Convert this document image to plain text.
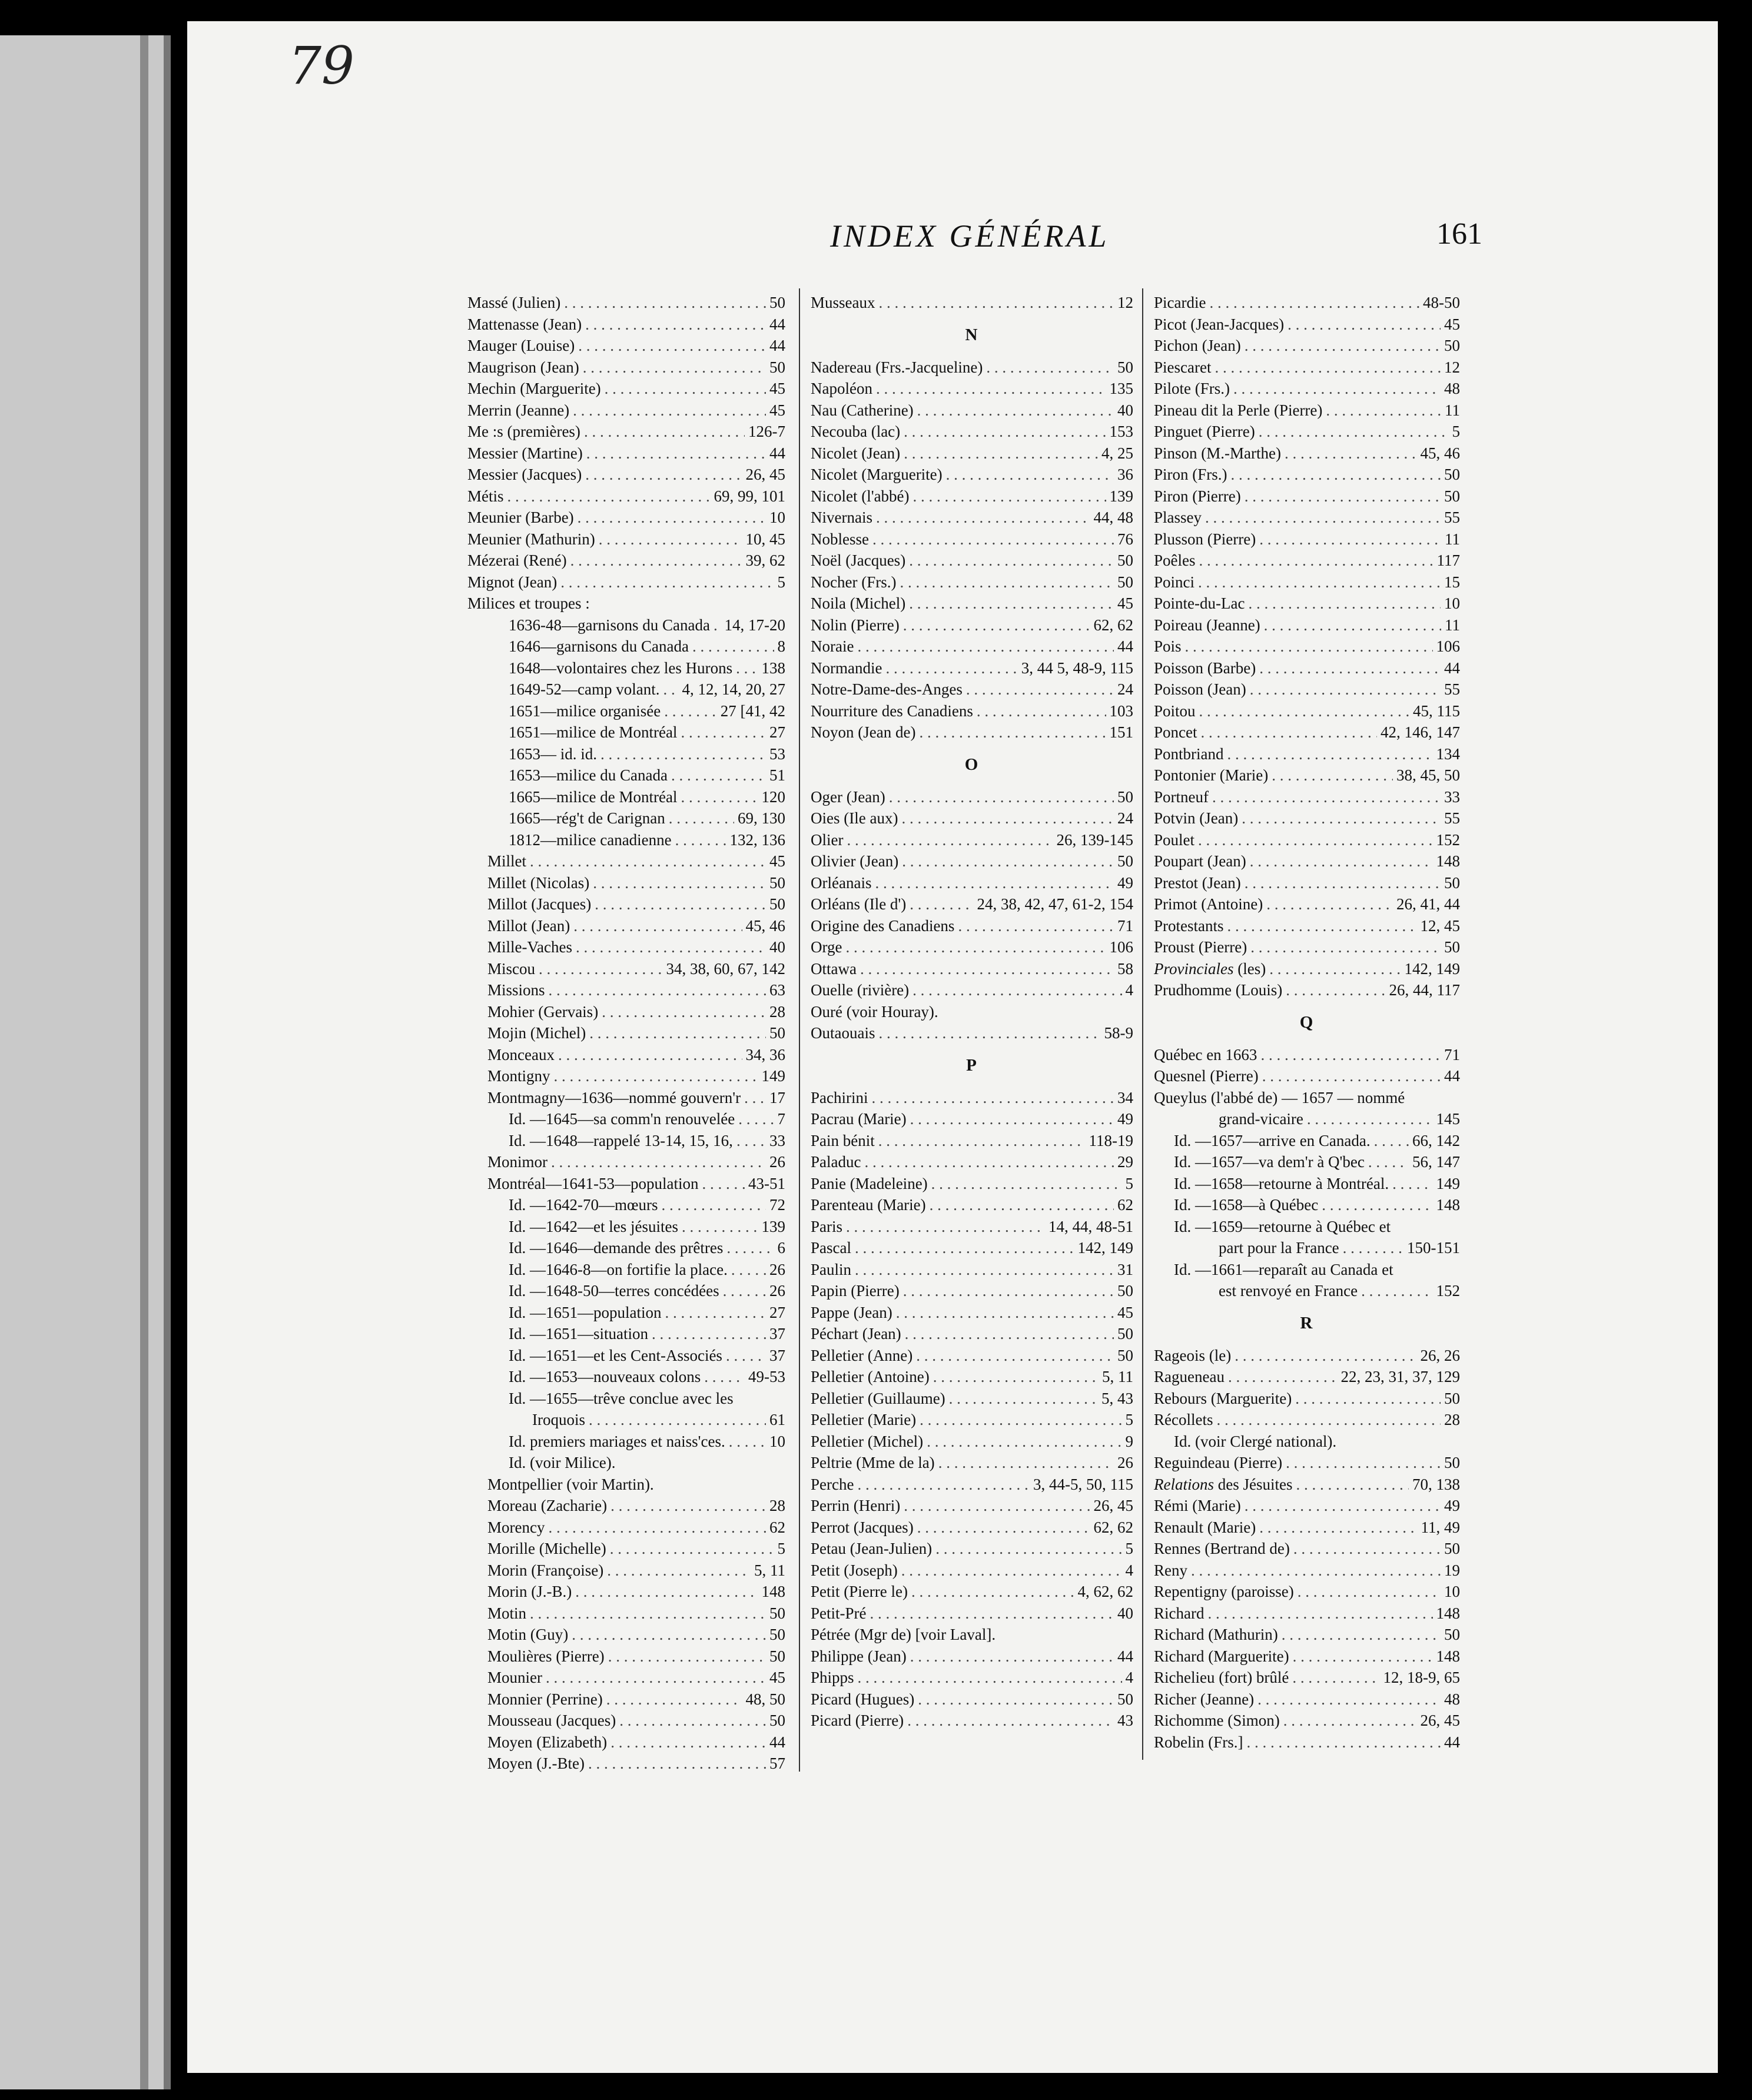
79
INDEX GÉNÉRAL	161
Massé (Julien) . . .	50
Mattenasse (Jean) . . .	44
Mauger (Louise) . . .	44
Maugrison (Jean) . . .	50
Mechin (Marguerite) . . .	45
Merrin (Jeanne) . . .	45
Me :s (premières) . . .	126-7
Messier (Martine) . . .	44
Messier (Jacques) . . .	26, 45
Métis . . .	69, 99, 101
Meunier (Barbe) . . .	10
Meunier (Mathurin) . . .	10, 45
Mézerai (René) . . .	39, 62
Mignot (Jean) . . .	5
Milices et troupes :
1636-48—garnisons du Canada . . . 14, 17-20
1646—garnisons du Canada . . .	8
1648—volontaires chez les Hurons . . . 138
1649-52—camp volant. . . . 4, 12, 14, 20, 27
1651—milice organisée . . .	27 [41, 42
1651—milice de Montréal . . .	27
1653— id. id. . . .	53
1653—milice du Canada . . .	51
1665—milice de Montréal . . .	120
1665—rég't de Carignan . . .	69, 130
1812—milice canadienne . . .	132, 136
Millet . . .	45
Millet (Nicolas) . . .	50
Millot (Jacques) . . .	50
Millot (Jean) . . .	45, 46
Mille-Vaches . . .	40
Miscou . . .	34, 38, 60, 67, 142
Missions . . .	63
Mohier (Gervais) . . .	28
Mojin (Michel) . . .	50
Monceaux . . .	34, 36
Montigny . . .	149
Montmagny—1636—nommé gouvern'r . . . 17
Id. —1645—sa comm'n renouvelée . . .	7
Id. —1648—rappelé 13-14, 15, 16, . . . 33
Monimor . . .	26
Montréal—1641-53—population . . .	43-51
Id. —1642-70—mœurs . . .	72
Id. —1642—et les jésuites . . .	139
Id. —1646—demande des prêtres . . .	6
Id. —1646-8—on fortifie la place. . . .	26
Id. —1648-50—terres concédées . . .	26
Id. —1651—population . . .	27
Id. —1651—situation . . .	37
Id. —1651—et les Cent-Associés . . .	37
Id. —1653—nouveaux colons . . .	49-53
Id. —1655—trêve conclue avec les
Iroquois . . .	61
Id. premiers mariages et naiss'ces. . . .	10
Id. (voir Milice).
Montpellier (voir Martin).
Moreau (Zacharie) . . .	28
Morency . . .	62
Morille (Michelle) . . .	5
Morin (Françoise) . . .	5, 11
Morin (J.-B.) . . .	148
Motin . . .	50
Motin (Guy) . . .	50
Moulières (Pierre) . . .	50
Mounier . . .	45
Monnier (Perrine) . . .	48, 50
Mousseau (Jacques) . . .	50
Moyen (Elizabeth) . . .	44
Moyen (J.-Bte) . . .	57
Musseaux . . .	12
N
Nadereau (Frs.-Jacqueline) . . .	50
Napoléon . . .	135
Nau (Catherine) . . .	40
Necouba (lac) . . .	153
Nicolet (Jean) . . .	4, 25
Nicolet (Marguerite) . . .	36
Nicolet (l'abbé) . . .	139
Nivernais . . .	44, 48
Noblesse . . .	76
Noël (Jacques) . . .	50
Nocher (Frs.) . . .	50
Noila (Michel) . . .	45
Nolin (Pierre) . . .	62, 62
Noraie . . .	44
Normandie . . .	3, 44 5, 48-9, 115
Notre-Dame-des-Anges . . .	24
Nourriture des Canadiens . . .	103
Noyon (Jean de) . . .	151
O
Oger (Jean) . . .	50
Oies (Ile aux) . . .	24
Olier . . .	26, 139-145
Olivier (Jean) . . .	50
Orléanais . . .	49
Orléans (Ile d') . . .	24, 38, 42, 47, 61-2, 154
Origine des Canadiens . . .	71
Orge . . .	106
Ottawa . . .	58
Ouelle (rivière) . . .	4
Ouré (voir Houray).
Outaouais . . .	58-9
P
Pachirini . . .	34
Pacrau (Marie) . . .	49
Pain bénit . . .	118-19
Paladuc . . .	29
Panie (Madeleine) . . .	5
Parenteau (Marie) . . .	62
Paris . . .	14, 44, 48-51
Pascal . . .	142, 149
Paulin . . .	31
Papin (Pierre) . . .	50
Pappe (Jean) . . .	45
Péchart (Jean) . . .	50
Pelletier (Anne) . . .	50
Pelletier (Antoine) . . .	5, 11
Pelletier (Guillaume) . . .	5, 43
Pelletier (Marie) . . .	5
Pelletier (Michel) . . .	9
Peltrie (Mme de la) . . .	26
Perche . . .	3, 44-5, 50, 115
Perrin (Henri) . . .	26, 45
Perrot (Jacques) . . .	62, 62
Petau (Jean-Julien) . . .	5
Petit (Joseph) . . .	4
Petit (Pierre le) . . .	4, 62, 62
Petit-Pré . . .	40
Pétrée (Mgr de) [voir Laval].
Philippe (Jean) . . .	44
Phipps . . .	4
Picard (Hugues) . . .	50
Picard (Pierre) . . .	43
Picardie . . .	48-50
Picot (Jean-Jacques) . . .	45
Pichon (Jean) . . .	50
Piescaret . . .	12
Pilote (Frs.) . . .	48
Pineau dit la Perle (Pierre) . . .	11
Pinguet (Pierre) . . .	5
Pinson (M.-Marthe) . . .	45, 46
Piron (Frs.) . . .	50
Piron (Pierre) . . .	50
Plassey . . .	55
Plusson (Pierre) . . .	11
Poêles . . .	117
Poinci . . .	15
Pointe-du-Lac . . .	10
Poireau (Jeanne) . . .	11
Pois . . .	106
Poisson (Barbe) . . .	44
Poisson (Jean) . . .	55
Poitou . . .	45, 115
Poncet . . .	42, 146, 147
Pontbriand . . .	134
Pontonier (Marie) . . .	38, 45, 50
Portneuf . . .	33
Potvin (Jean) . . .	55
Poulet . . .	152
Poupart (Jean) . . .	148
Prestot (Jean) . . .	50
Primot (Antoine) . . .	26, 41, 44
Protestants . . .	12, 45
Proust (Pierre) . . .	50
Provinciales (les) . . .	142, 149
Prudhomme (Louis) . . .	26, 44, 117
Q
Québec en 1663 . . .	71
Quesnel (Pierre) . . .	44
Queylus (l'abbé de) — 1657 — nommé
grand-vicaire . . .	145
Id. —1657—arrive en Canada. . . .	66, 142
Id. —1657—va dem'r à Q'bec . . .	56, 147
Id. —1658—retourne à Montréal. . . .	149
Id. —1658—à Québec . . .	148
Id. —1659—retourne à Québec et
part pour la France . . .	150-151
Id. —1661—reparaît au Canada et
est renvoyé en France . . .	152
R
Rageois (le) . . .	26, 26
Ragueneau . . .	22, 23, 31, 37, 129
Rebours (Marguerite) . . .	50
Récollets . . .	28
Id. (voir Clergé national).
Reguindeau (Pierre) . . .	50
Relations des Jésuites . . .	70, 138
Rémi (Marie) . . .	49
Renault (Marie) . . .	11, 49
Rennes (Bertrand de) . . .	50
Reny . . .	19
Repentigny (paroisse) . . .	10
Richard . . .	148
Richard (Mathurin) . . .	50
Richard (Marguerite) . . .	148
Richelieu (fort) brûlé . . .	12, 18-9, 65
Richer (Jeanne) . . .	48
Richomme (Simon) . . .	26, 45
Robelin (Frs.] . . .	44
